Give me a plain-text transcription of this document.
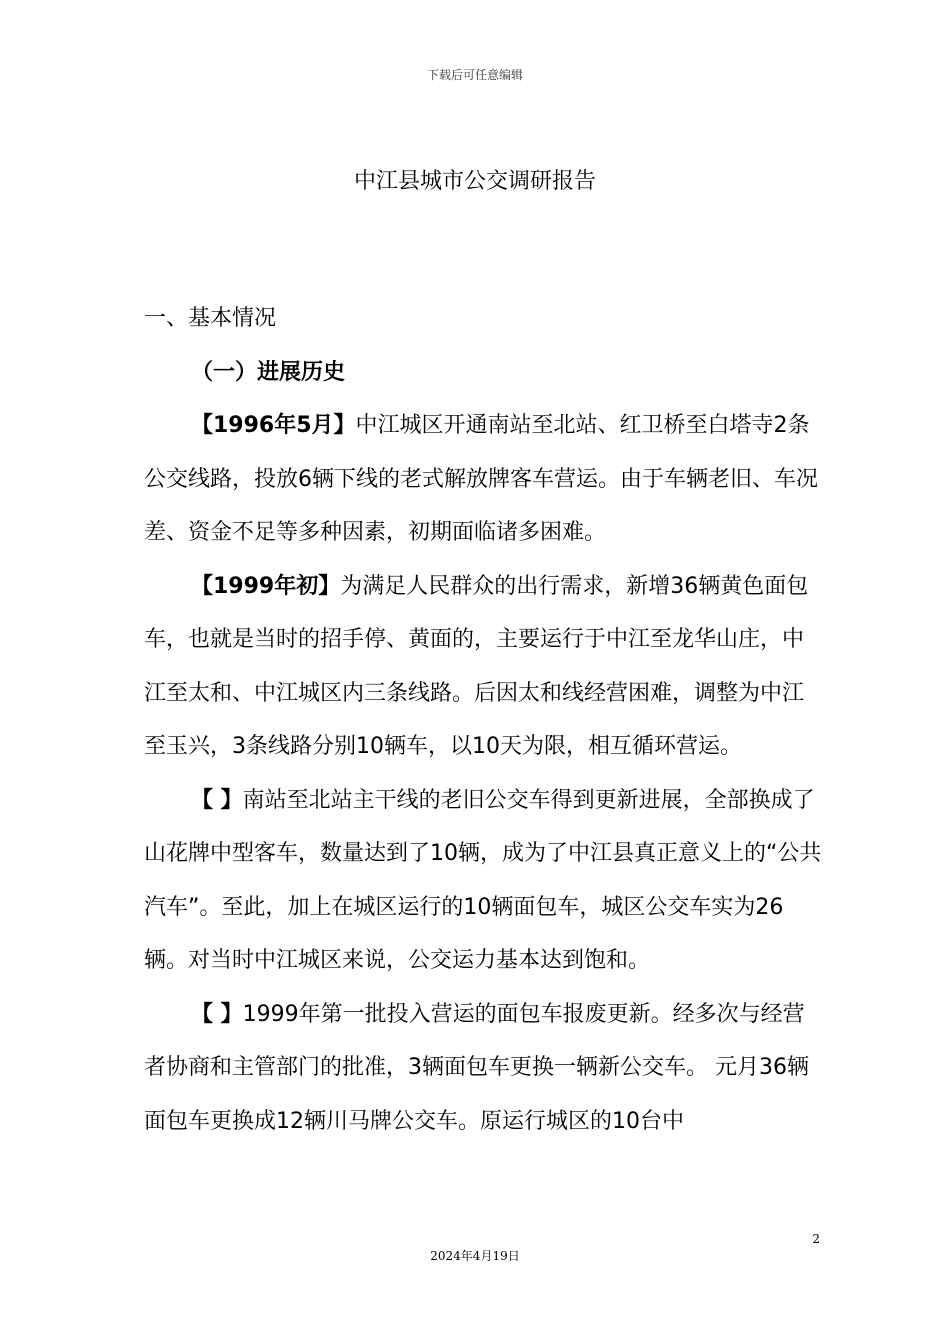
下载后可任意编辑
中江县城市公交调研报告

一、基本情况

（一）进展历史

【1996年5月】中江城区开通南站至北站、红卫桥至白塔寺2条公交线路，投放6辆下线的老式解放牌客车营运。由于车辆老旧、车况差、资金不足等多种因素，初期面临诸多困难。

【1999年初】为满足人民群众的出行需求，新增36辆黄色面包车，也就是当时的招手停、黄面的，主要运行于中江至龙华山庄，中江至太和、中江城区内三条线路。后因太和线经营困难，调整为中江至玉兴，3条线路分别10辆车，以10天为限，相互循环营运。

【 】南站至北站主干线的老旧公交车得到更新进展，全部换成了山花牌中型客车，数量达到了10辆，成为了中江县真正意义上的“公共汽车”。至此，加上在城区运行的10辆面包车，城区公交车实为26辆。对当时中江城区来说，公交运力基本达到饱和。

【 】1999年第一批投入营运的面包车报废更新。经多次与经营者协商和主管部门的批准，3辆面包车更换一辆新公交车。 元月36辆面包车更换成12辆川马牌公交车。原运行城区的10台中

2
2024年4月19日
